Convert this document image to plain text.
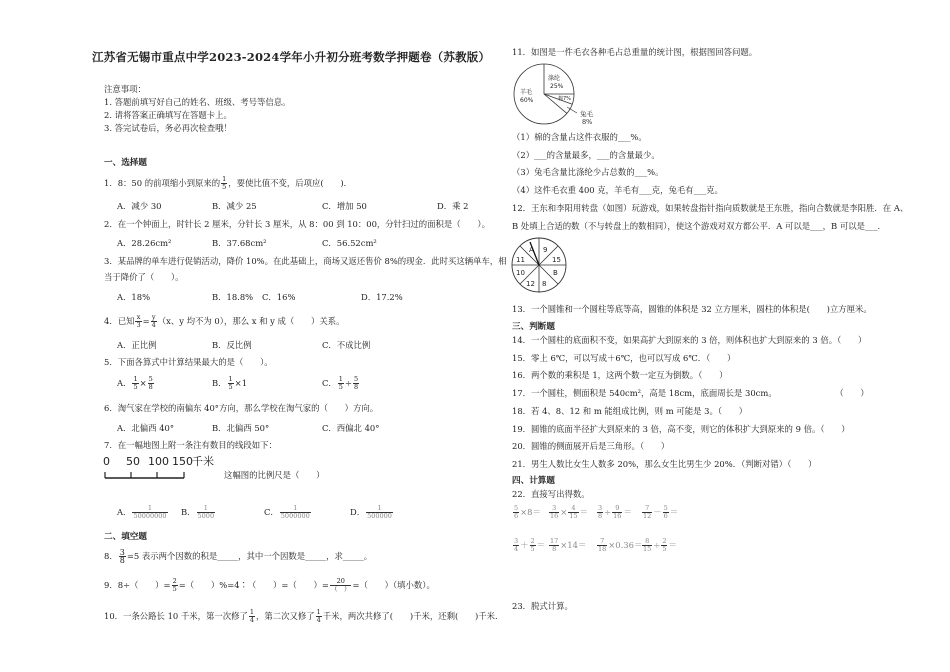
江苏省无锡市重点中学2023-2024学年小升初分班考数学押题卷（苏教版）
注意事项：
1. 答题前填写好自己的姓名、班级、考号等信息。
2. 请将答案正确填写在答题卡上。
3. 答完试卷后，务必再次检查哦！
一、选择题
1．8：50 的前项缩小到原来的 $\frac{1}{5}$ ，要使比值不变，后项应(　　)．
A．减少 30	B．减少 25	C．增加 50	D．乘 2
2．在一个钟面上，时针长 2 厘米，分针长 3 厘米，从 8：00 到 10：00，分针扫过的面积是（　　）。
A．28.26cm²	B．37.68cm²	C．56.52cm²
3．某品牌的单车进行促销活动，降价 10%。在此基础上，商场又返还售价 8%的现金．此时买这辆单车，相
当于降价了（　　）。
A．18%	B．18.8% C．16%	D．17.2%
4．已知 $\frac{x}{3} = \frac{y}{4} (x$、y 均不为 0），那么 x 和 y 成（　　）关系。
A．正比例	B．反比例	C．不成比例
5．下面各算式中计算结果最大的是（　　）。
A． $\frac{1}{5} \times \frac{5}{8}$	B． $\frac{1}{5} \times 1$	C． $\frac{1}{5} \div \frac{5}{8}$
6．淘气家在学校的南偏东 40°方向，那么学校在淘气家的（　　）方向。
A．北偏西 40°	B．北偏西 50°	C．西偏北 40°
7．在一幅地图上附一条注有数目的线段如下：
0 50 100 150 千米
这幅图的比例尺是（　　）
A． $\frac{1}{50000000}$ B． $\frac{1}{5000}$	C． $\frac{1}{5000000}$	D． $\frac{1}{500000}$
二、填空题
8． $\frac{3}{8} =5$ 表示两个因数的积是_____，其中一个因数是_____，求_____。
9．8÷（　　）= $\frac{2}{5}$ =（　　）%=4∶（　　）=（　　）= $\frac{20}{( )}$ =（　　）（填小数）。
10．一条公路长 10 千米，第一次修了 $\frac{1}{4}$ ，第二次又修了 $\frac{1}{4}$ 千米，两次共修了(　　)千米，还剩(　　)千米.
11．如图是一件毛衣各种毛占总重量的统计图，根据图回答问题。
涤纶
25%
羊毛
60%	棉7%
兔毛
8%
（1）棉的含量占这件衣服的___%。
（2）___的含量最多，___的含量最少。
（3）兔毛含量比涤纶少占总数的___%。
（4）这件毛衣重 400 克，羊毛有___克，兔毛有___克。
12．王东和李阳用转盘（如图）玩游戏，如果转盘指针指向质数就是王东胜，指向合数就是李阳胜．在 A、
B 处填上合适的数（不与转盘上的数相同），使这个游戏对双方都公平．A 可以是___，B 可以是___.
A 9
15
B
8
12
10
11
13．一个圆锥和一个圆柱等底等高，圆锥的体积是 32 立方厘米，圆柱的体积是(　　)立方厘米。
三、判断题
14．一个圆柱的底面积不变，如果高扩大到原来的 3 倍，则体积也扩大到原来的 3 倍。（　　）
15．零上 6℃，可以写成＋6℃，也可以写成 6℃．（　　）
16．两个数的乘积是 1，这两个数一定互为倒数。（　　）
17．一个圆柱，侧面积是 540cm²，高是 18cm，底面周长是 30cm。　　　　　　　　（　　）
18．若 4、8、12 和 m 能组成比例，则 m 可能是 3。（　　）
19．圆锥的底面半径扩大到原来的 3 倍，高不变，则它的体积扩大到原来的 9 倍。（　　）
20．圆锥的侧面展开后是三角形。（　　）
21．男生人数比女生人数多 20%，那么女生比男生少 20%．（判断对错）（　　）
四、计算题
22．直接写出得数。
$\frac{5}{6} \times 8= \frac{3}{16} \times \frac{4}{15} = \frac{3}{8} \div \frac{9}{16} = \frac{7}{12} - \frac{5}{6}$ ＝
$\frac{3}{4} + \frac{2}{5} = \frac{17}{8} \times 14= \frac{7}{18} \times 0.36= \frac{8}{15} \div \frac{2}{5}$ ＝
23．脱式计算。
